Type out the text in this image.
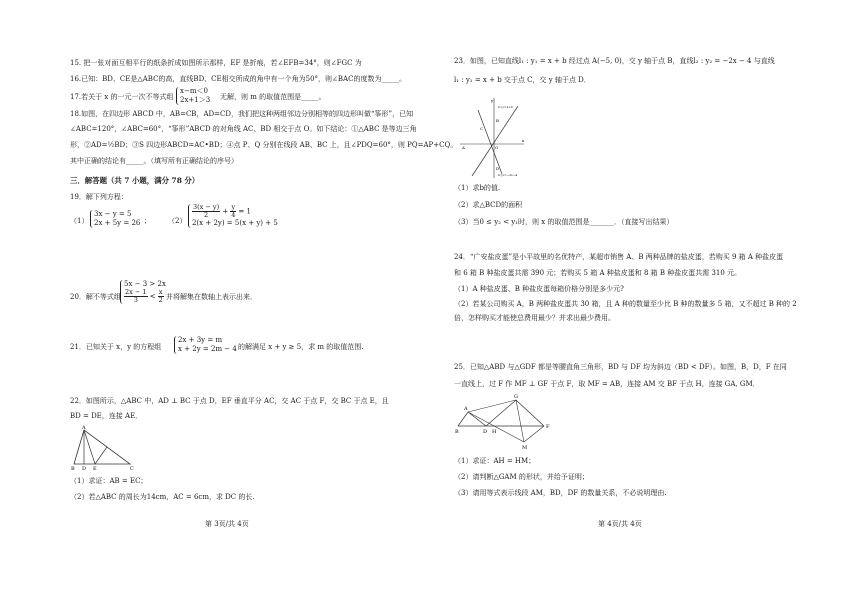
15. 把一张对面互相平行的纸条折成如图所示那样，EF 是折痕，若∠EFB=34°，则∠FGC 为
16.已知：BD、CE是△ABC的高，直线BD、CE相交所成的角中有一个角为50°，则∠BAC的度数为_____。
17.若关于 x 的一元一次不等式组
x−m＜0
2x+1＞3 无解，则 m 的取值范围是_____。
18.如图，在四边形 ABCD 中，AB=CB，AD=CD，我们把这种两组邻边分别相等的四边形叫做“筝形”，已知
∠ABC=120°，∠ABC=60°，“筝形”ABCD 的对角线 AC、BD 相交于点 O。如下结论：①△ABC 是等边三角
形，②AD=½BD；③S 四边形ABCD=AC•BD；④点 P、Q 分别在线段 AB、BC 上，且∠PDQ=60°，则 PQ=AP+CQ。
其中正确的结论有_____。（填写所有正确结论的序号）
三．解答题（共 7 小题，满分 78 分）
19．解下列方程：
（1）
3x − y = 5
2x + 5y = 26 ； （2）
$\frac{3(x - y)}{2} + \frac{y}{4} = 1$
2(x + 2y) = 5(x + y) + 5
20．解不等式组
5x − 3 > 2x
$\frac{2x - 1}{3} < \frac{x}{2}$ 并将解集在数轴上表示出来．
21．已知关于 x，y 的方程组
2x + 3y = m
x + 2y = 2m − 4 的解满足 x + y ≥ 5，求 m 的取值范围.
22．如图所示，△ABC 中，AD ⊥ BC 于点 D，EF 垂直平分 AC，交 AC 于点 F，交 BC 于点 E，且
BD = DE，连接 AE．
A
B D E	C
（1）求证：AB = EC；
（2）若△ABC 的周长为14cm，AC = 6cm，求 DC 的长.
第 3页/共 4页
23．如图，已知直线l₁ : y₁ = x + b 经过点 A(−5, 0)，交 y 轴于点 B，直线l₂ : y₂ = −2x − 4 与直线
l₁ : y₁ = x + b 交于点 C，交 y 轴于点 D．
y
x
O
A
B
C
D
l₁:y₁=x+b
l₂:y₂=−2x−4
（1）求b的值.
（2）求△BCD的面积
（3）当0 ≤ y₂ < y₁时，则 x 的取值范围是_______．（直接写出结果）
24．“广安盐皮蛋”是小平故里的名优特产，某超市销售 A、B 两种品牌的盐皮蛋，若购买 9 箱 A 种盐皮蛋
和 6 箱 B 种盐皮蛋共需 390 元；若购买 5 箱 A 种盐皮蛋和 8 箱 B 种盐皮蛋共需 310 元。
（1）A 种盐皮蛋、B 种盐皮蛋每箱价格分别是多少元?
（2）若某公司购买 A，B 两种盐皮蛋共 30 箱，且 A 种的数量至少比 B 种的数量多 5 箱，又不超过 B 种的 2
倍，怎样购买才能使总费用最少？并求出最少费用。
25．已知△ABD 与△GDF 都是等腰直角三角形，BD 与 DF 均为斜边（BD < DF）。如图，B，D，F 在同
一直线上，过 F 作 MF ⊥ GF 于点 F，取 MF = AB，连接 AM 交 BF 于点 H，连接 GA, GM．
A
G
B	D H
F
M
（1）求证：AH = HM；
（2）请判断△GAM 的形状，并给予证明；
（3）请用等式表示线段 AM，BD，DF 的数量关系，不必说明理由.
第 4页/共 4页
